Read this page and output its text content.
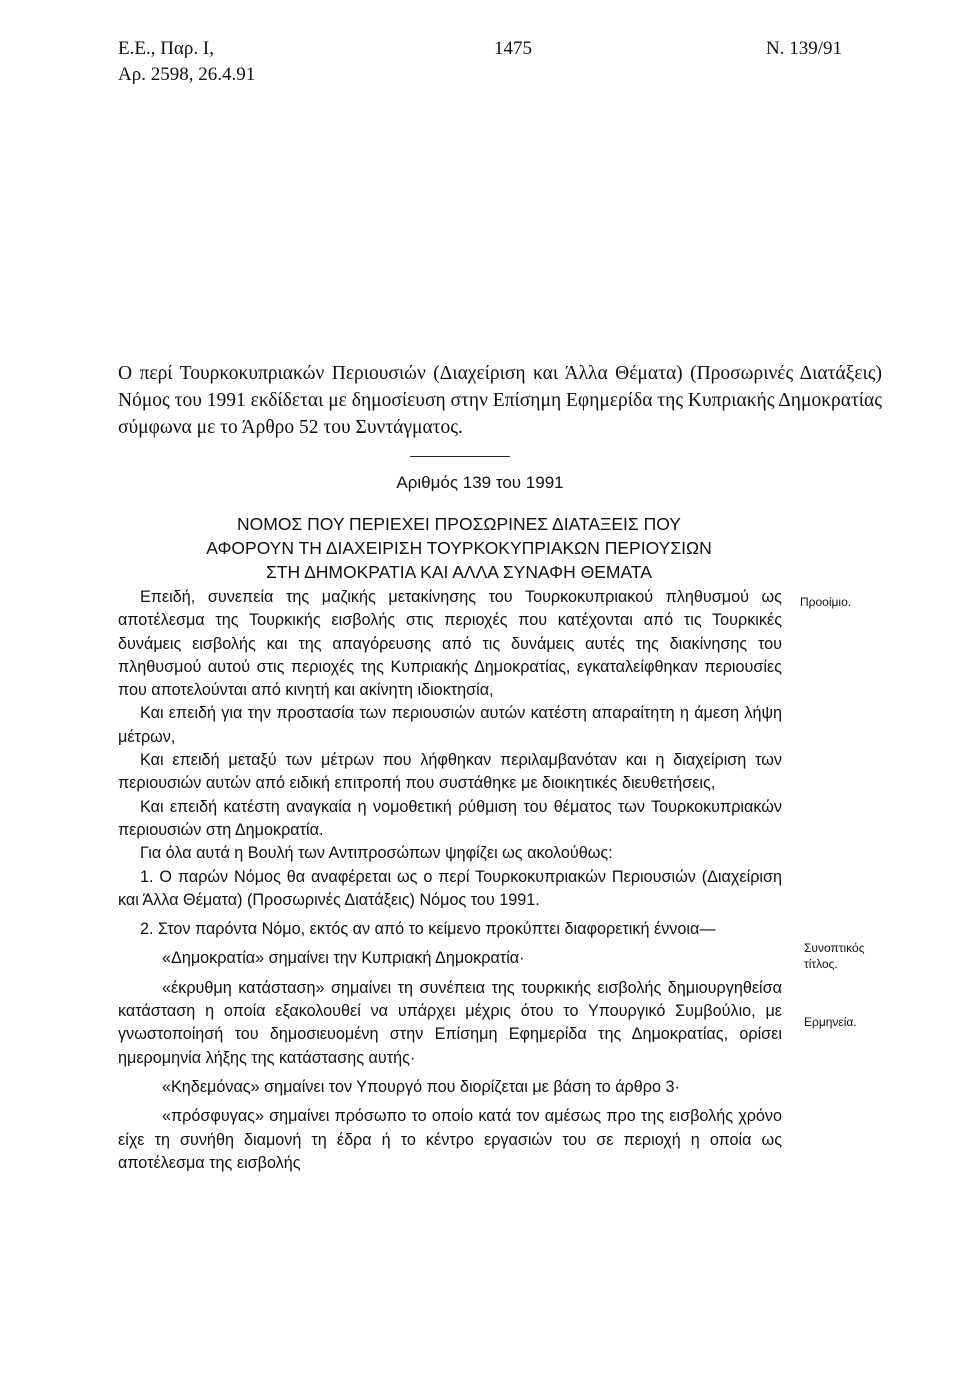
Ε.Ε., Παρ. I,
Αρ. 2598, 26.4.91
1475	Ν. 139/91
Ο περί Τουρκοκυπριακών Περιουσιών (Διαχείριση και Άλλα Θέματα) (Προσωρινές Διατάξεις) Νόμος του 1991 εκδίδεται με δημοσίευση στην Επίσημη Εφημερίδα της Κυπριακής Δημοκρατίας σύμφωνα με το Άρθρο 52 του Συντάγματος.
Αριθμός 139 του 1991
ΝΟΜΟΣ ΠΟΥ ΠΕΡΙΕΧΕΙ ΠΡΟΣΩΡΙΝΕΣ ΔΙΑΤΑΞΕΙΣ ΠΟΥ
ΑΦΟΡΟΥΝ ΤΗ ΔΙΑΧΕΙΡΙΣΗ ΤΟΥΡΚΟΚΥΠΡΙΑΚΩΝ ΠΕΡΙΟΥΣΙΩΝ
ΣΤΗ ΔΗΜΟΚΡΑΤΙΑ ΚΑΙ ΑΛΛΑ ΣΥΝΑΦΗ ΘΕΜΑΤΑ

Επειδή, συνεπεία της μαζικής μετακίνησης του Τουρκοκυπριακού πληθυσμού ως αποτέλεσμα της Τουρκικής εισβολής στις περιοχές που κατέχονται από τις Τουρκικές δυνάμεις εισβολής και της απαγόρευσης από τις δυνάμεις αυτές της διακίνησης του πληθυσμού αυτού στις περιοχές της Κυπριακής Δημοκρατίας, εγκαταλείφθηκαν περιουσίες που αποτελούνται από κινητή και ακίνητη ιδιοκτησία,

Και επειδή για την προστασία των περιουσιών αυτών κατέστη απαραίτητη η άμεση λήψη μέτρων,

Και επειδή μεταξύ των μέτρων που λήφθηκαν περιλαμβανόταν και η διαχείριση των περιουσιών αυτών από ειδική επιτροπή που συστάθηκε με διοικητικές διευθετήσεις,

Και επειδή κατέστη αναγκαία η νομοθετική ρύθμιση του θέματος των Τουρκοκυπριακών περιουσιών στη Δημοκρατία.

Για όλα αυτά η Βουλή των Αντιπροσώπων ψηφίζει ως ακολούθως:

1. Ο παρών Νόμος θα αναφέρεται ως ο περί Τουρκοκυπριακών Περιουσιών (Διαχείριση και Άλλα Θέματα) (Προσωρινές Διατάξεις) Νόμος του 1991.

2. Στον παρόντα Νόμο, εκτός αν από το κείμενο προκύπτει διαφορετική έννοια—

«Δημοκρατία» σημαίνει την Κυπριακή Δημοκρατία·

«έκρυθμη κατάσταση» σημαίνει τη συνέπεια της τουρκικής εισβολής δημιουργηθείσα κατάσταση η οποία εξακολουθεί να υπάρχει μέχρις ότου το Υπουργικό Συμβούλιο, με γνωστοποίησή του δημοσιευομένη στην Επίσημη Εφημερίδα της Δημοκρατίας, ορίσει ημερομηνία λήξης της κατάστασης αυτής·

«Κηδεμόνας» σημαίνει τον Υπουργό που διορίζεται με βάση το άρθρο 3·

«πρόσφυγας» σημαίνει πρόσωπο το οποίο κατά τον αμέσως προ της εισβολής χρόνο είχε τη συνήθη διαμονή τη έδρα ή το κέντρο εργασιών του σε περιοχή η οποία ως αποτέλεσμα της εισβολής

Προοίμιο.
Συνοπτικός
τίτλος.
Ερμηνεία.
